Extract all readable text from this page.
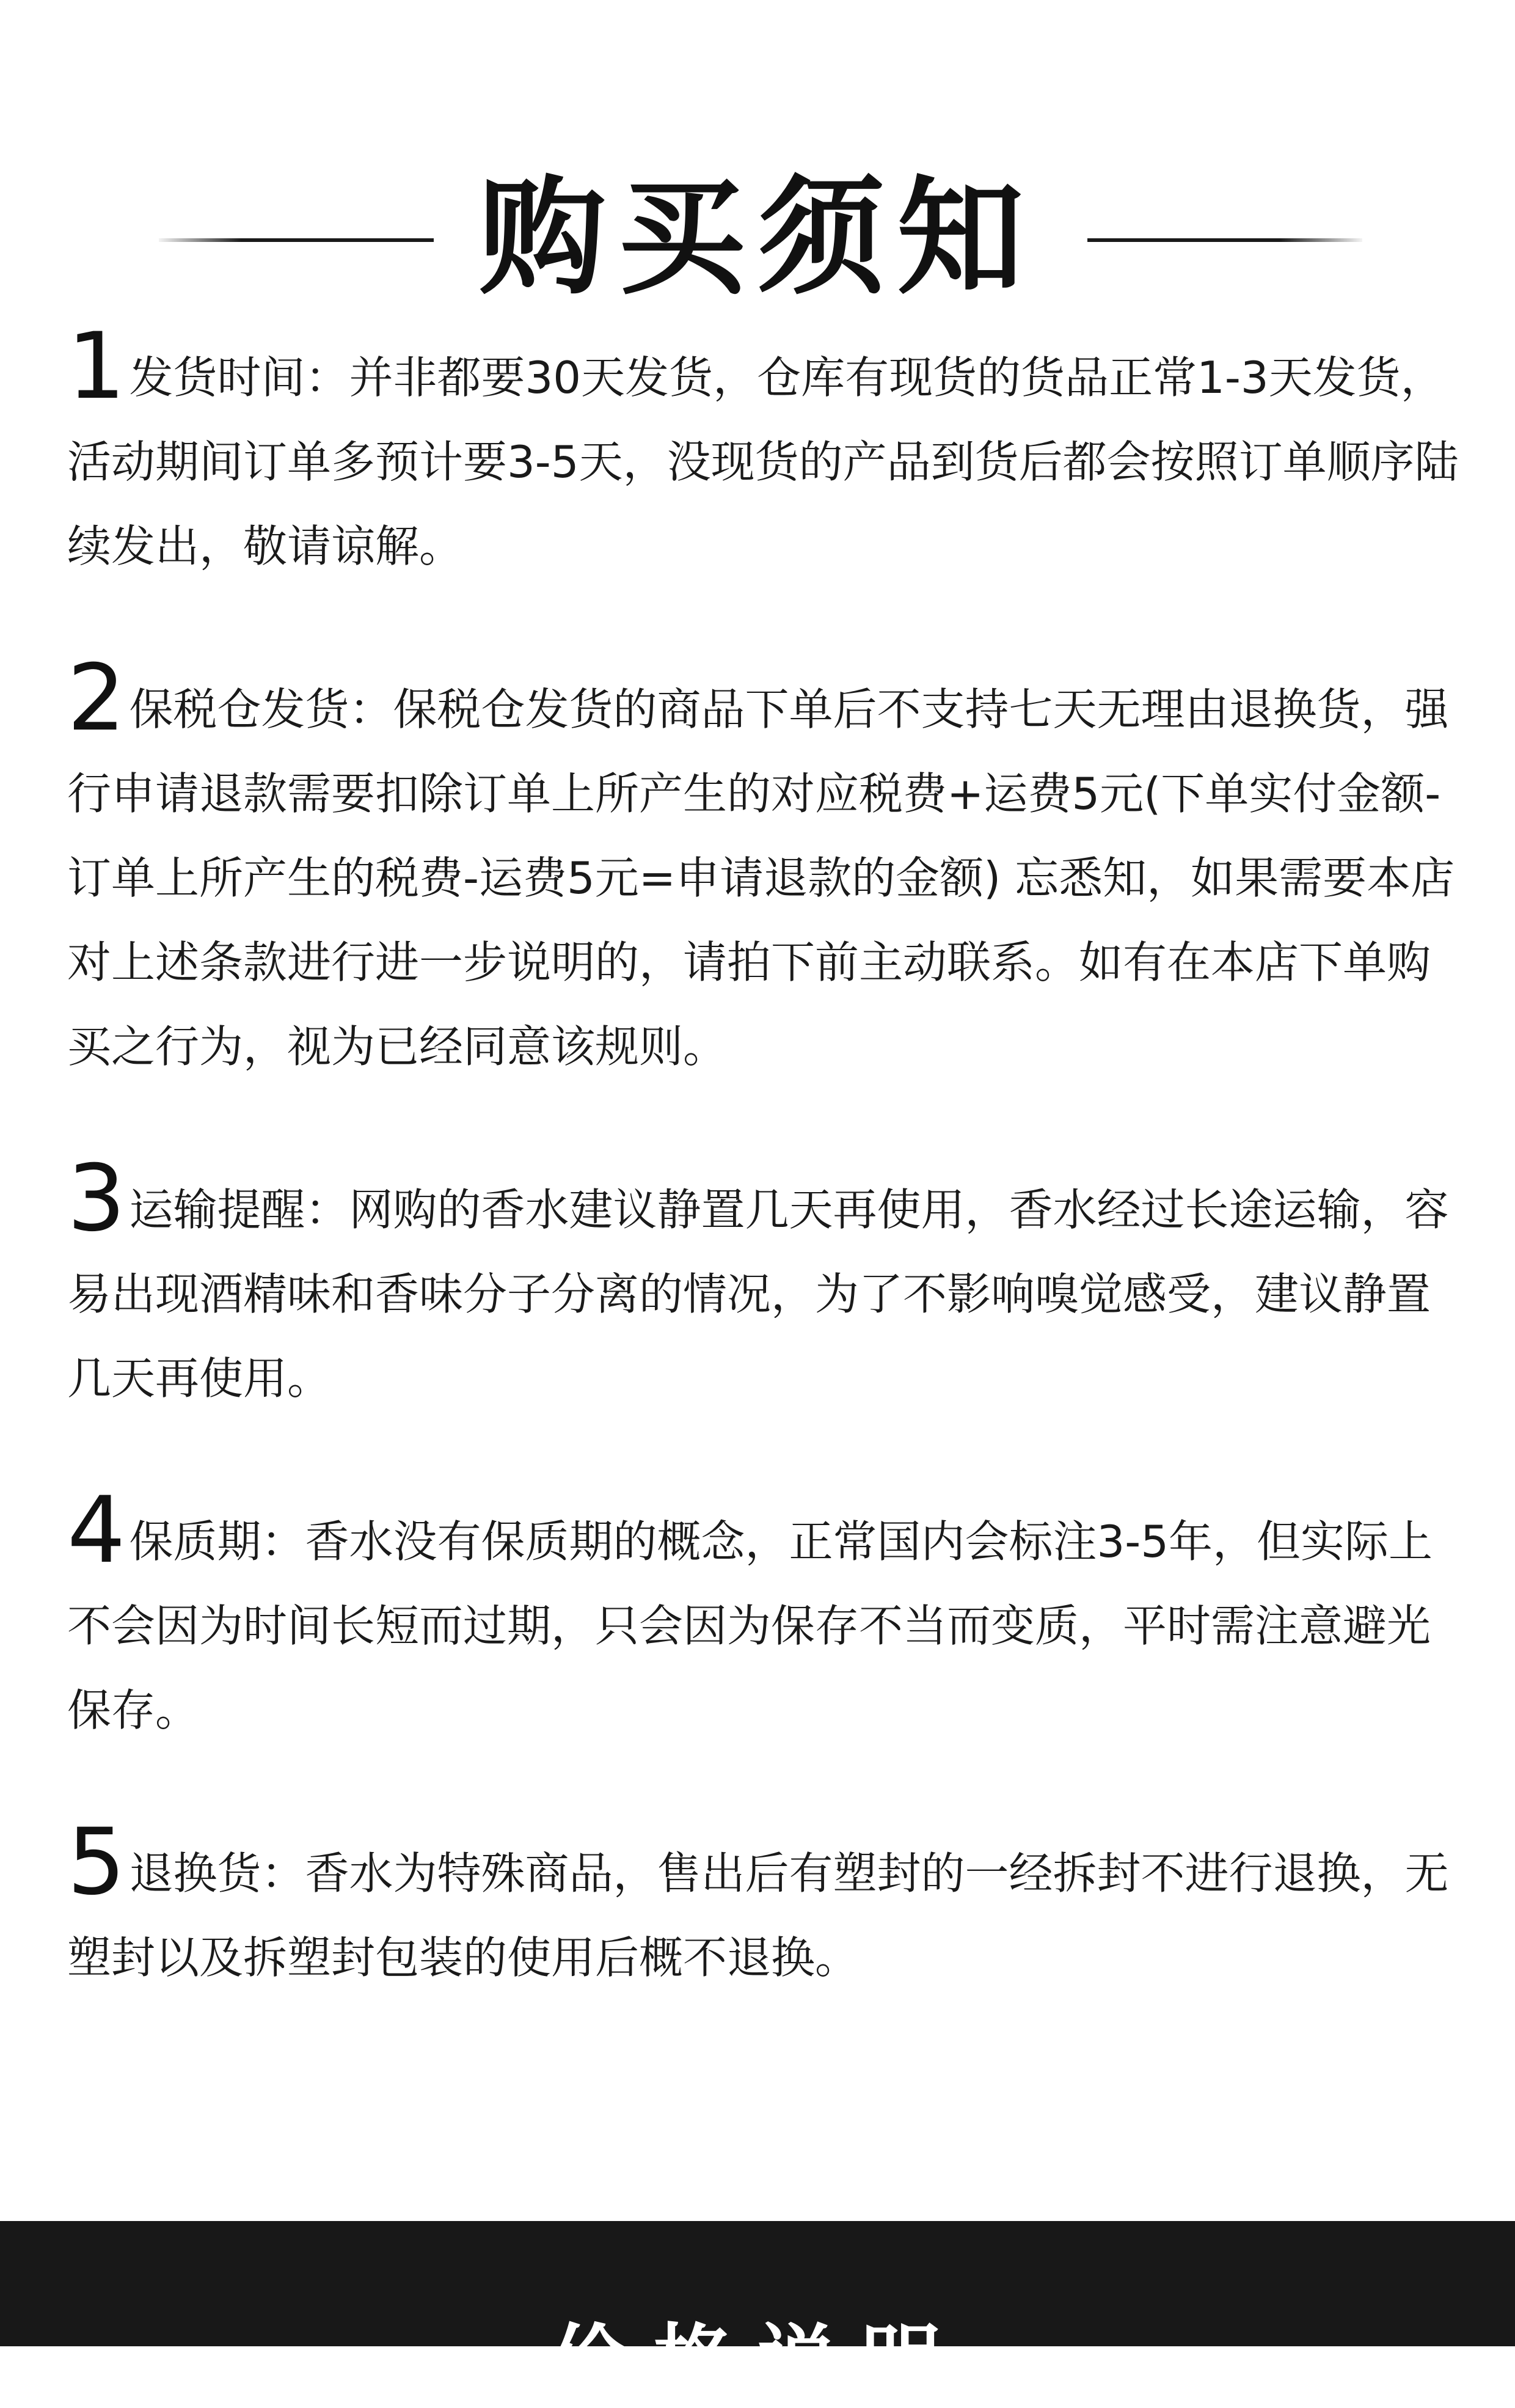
购买须知

1发货时间：并非都要30天发货，仓库有现货的货品正常1-3天发货，活动期间订单多预计要3-5天，没现货的产品到货后都会按照订单顺序陆续发出，敬请谅解。

2保税仓发货：保税仓发货的商品下单后不支持七天无理由退换货，强行申请退款需要扣除订单上所产生的对应税费+运费5元(下单实付金额-订单上所产生的税费-运费5元=申请退款的金额) 忘悉知，如果需要本店对上述条款进行进一步说明的，请拍下前主动联系。如有在本店下单购买之行为，视为已经同意该规则。

3运输提醒：网购的香水建议静置几天再使用，香水经过长途运输，容易出现酒精味和香味分子分离的情况，为了不影响嗅觉感受，建议静置几天再使用。

4保质期：香水没有保质期的概念，正常国内会标注3-5年，但实际上不会因为时间长短而过期，只会因为保存不当而变质，平时需注意避光保存。

5退换货：香水为特殊商品，售出后有塑封的一经拆封不进行退换，无塑封以及拆塑封包装的使用后概不退换。

价格说明
